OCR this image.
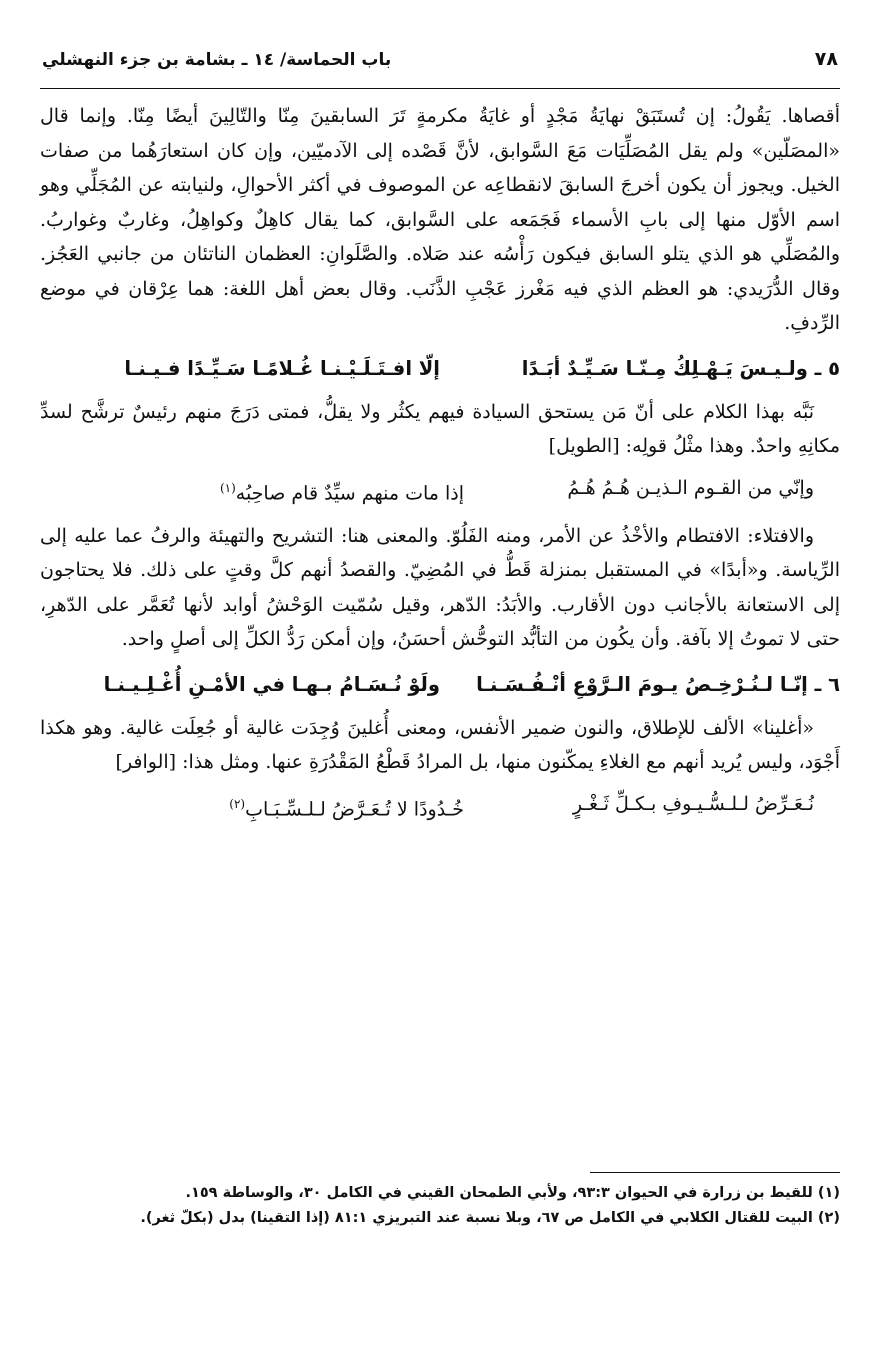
٧٨
باب الحماسة/ ١٤ ـ بشامة بن جزء النهشلي

أقصاها. يَقُولُ: إن تُستَبَقْ نهايَةُ مَجْدٍ أو غايَةُ مكرمةٍ تَرَ السابقينَ مِنّا والتّالِينَ أيضًا مِنّا. وإنما قال «المصَلّين» ولم يقل المُصَلِّيَات مَعَ السَّوابق، لأنَّ قَصْده إلى الآدميّين، وإن كان استعارَهُما من صفات الخيل. ويجوز أن يكون أخرجَ السابقَ لانقطاعِه عن الموصوف في أكثر الأحوالِ، ولنيابته عن المُجَلِّي وهو اسم الأوّل منها إلى بابِ الأسماء فَجَمَعه على السَّوابق، كما يقال كاهِلٌ وكواهِلُ، وغاربٌ وغواربُ. والمُصَلِّي هو الذي يتلو السابق فيكون رَأْسُه عند صَلاه. والصَّلَوانِ: العظمان الناتئان من جانبي العَجُز. وقال الدُّرَيدي: هو العظم الذي فيه مَغْرز عَجْبِ الذَّنَب. وقال بعض أهل اللغة: هما عِرْقان في موضع الرِّدفِ.

٥ ـ ولـيـسَ يَـهْـلِكُ مِـنّـا سَـيِّـدٌ أبَـدًا
إلّا افـتَـلَـيْـنـا غُـلامًـا سَـيِّـدًا فـيـنـا

نَبَّه بهذا الكلام على أنّ مَن يستحق السيادة فيهم يكثُر ولا يقلُّ، فمتى دَرَجَ منهم رئيسٌ ترشَّح لسدِّ مكانِهِ واحدٌ. وهذا مثْلُ قولِه: [الطويل]

وإنّي من القـوم الـذيـن هُـمُ هُـمُ
إذا مات منهم سيِّدٌ قام صاحِبُه$^{(١)}$

والافتلاء: الافتطام والأخْذُ عن الأمر، ومنه الفَلُوّ. والمعنى هنا: التشريح والتهيئة والرفُ عما عليه إلى الرِّياسة. و«أبدًا» في المستقبل بمنزلة قَطُّ في المُضِيّ. والقصدُ أنهم كلَّ وقتٍ على ذلك. فلا يحتاجون إلى الاستعانة بالأجانب دون الأقارب. والأبَدُ: الدّهر، وقيل سُمّيت الوَحْشُ أوابد لأنها تُعَمَّر على الدّهرِ، حتى لا تموتُ إلا بآفة. وأن يكُون من التأبُّد التوحُّش أحسَنُ، وإن أمكن رَدُّ الكلِّ إلى أصلٍ واحد.

٦ ـ إنّـا لـنُـرْخِـصُ يـومَ الـرَّوْعِ أنْـفُـسَـنـا
ولَوْ نُـسَـامُ بـهـا في الأمْـنِ أُغْـلِـيـنـا

«أغلينا» الألف للإطلاق، والنون ضمير الأنفس، ومعنى أُغلينَ وُجِدَت غالية أو جُعِلَت غالية. وهو هكذا أَجْوَد، وليس يُريد أنهم مع الغلاءِ يمكّنون منها، بل المرادُ قَطْعُ المَقْدُرَةِ عنها. ومثل هذا: [الوافر]

نُـعَـرِّضُ لـلـسُّـيـوفِ بـكـلِّ ثَـغْـرٍ
خُـدُودًا لا تُـعَـرَّضُ لـلـسِّـبَـابِ$^{(٢)}$
(١) للقيط بن زرارة في الحيوان ٩٣:٣، ولأبي الطمحان القيني في الكامل ٣٠، والوساطة ١٥٩.
(٢) البيت للقتال الكلابي في الكامل ص ٦٧، وبلا نسبة عند التبريزي ٨١:١ (إذا التقينا) بدل (بكلّ ثغر).
